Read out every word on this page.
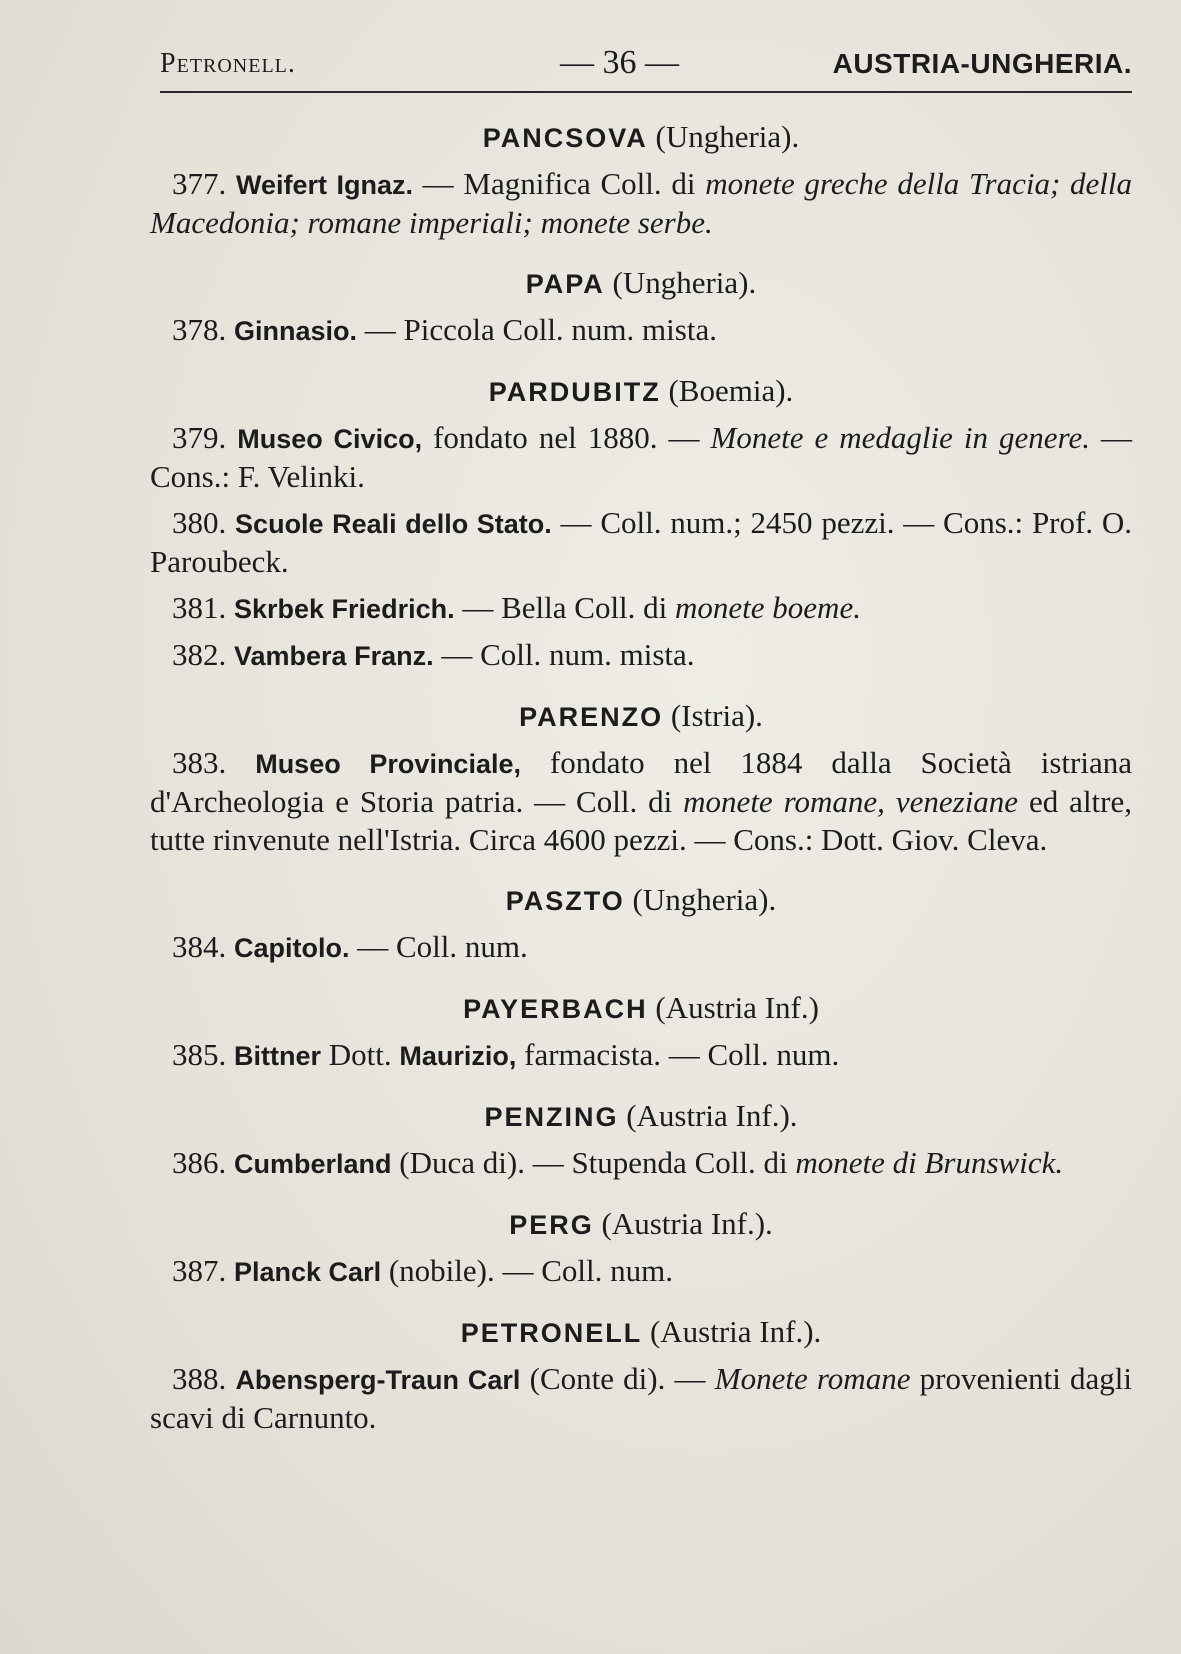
Petronell.	— 36 —	AUSTRIA-UNGHERIA.
PANCSOVA (Ungheria).
377. Weifert Ignaz. — Magnifica Coll. di monete greche della Tracia; della Macedonia; romane imperiali; monete serbe.
PAPA (Ungheria).
378. Ginnasio. — Piccola Coll. num. mista.
PARDUBITZ (Boemia).
379. Museo Civico, fondato nel 1880. — Monete e medaglie in genere. — Cons.: F. Velinki.
380. Scuole Reali dello Stato. — Coll. num.; 2450 pezzi. — Cons.: Prof. O. Paroubeck.
381. Skrbek Friedrich. — Bella Coll. di monete boeme.
382. Vambera Franz. — Coll. num. mista.
PARENZO (Istria).
383. Museo Provinciale, fondato nel 1884 dalla Società istriana d'Archeologia e Storia patria. — Coll. di monete romane, veneziane ed altre, tutte rinvenute nell'Istria. Circa 4600 pezzi. — Cons.: Dott. Giov. Cleva.
PASZTO (Ungheria).
384. Capitolo. — Coll. num.
PAYERBACH (Austria Inf.)
385. Bittner Dott. Maurizio, farmacista. — Coll. num.
PENZING (Austria Inf.).
386. Cumberland (Duca di). — Stupenda Coll. di monete di Brunswick.
PERG (Austria Inf.).
387. Planck Carl (nobile). — Coll. num.
PETRONELL (Austria Inf.).
388. Abensperg-Traun Carl (Conte di). — Monete romane provenienti dagli scavi di Carnunto.
